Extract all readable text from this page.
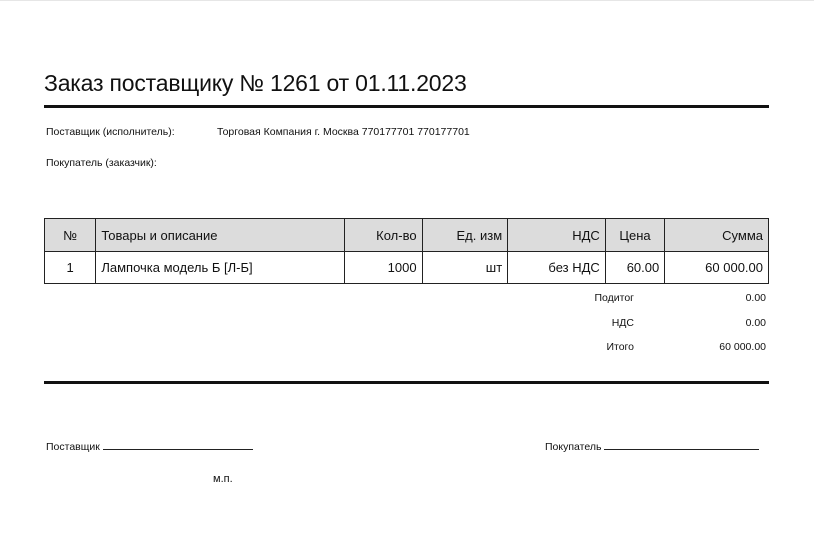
Заказ поставщику № 1261 от 01.11.2023
Поставщик (исполнитель):	Торговая Компания г. Москва 770177701 770177701
Покупатель (заказчик):
№	Товары и описание	Кол-во	Ед. изм	НДС	Цена	Сумма
1	Лампочка модель Б [Л-Б]	1000	шт	без НДС	60.00	60 000.00
Подитог	0.00
НДС	0.00
Итого	60 000.00
Поставщик	Покупатель
м.п.
